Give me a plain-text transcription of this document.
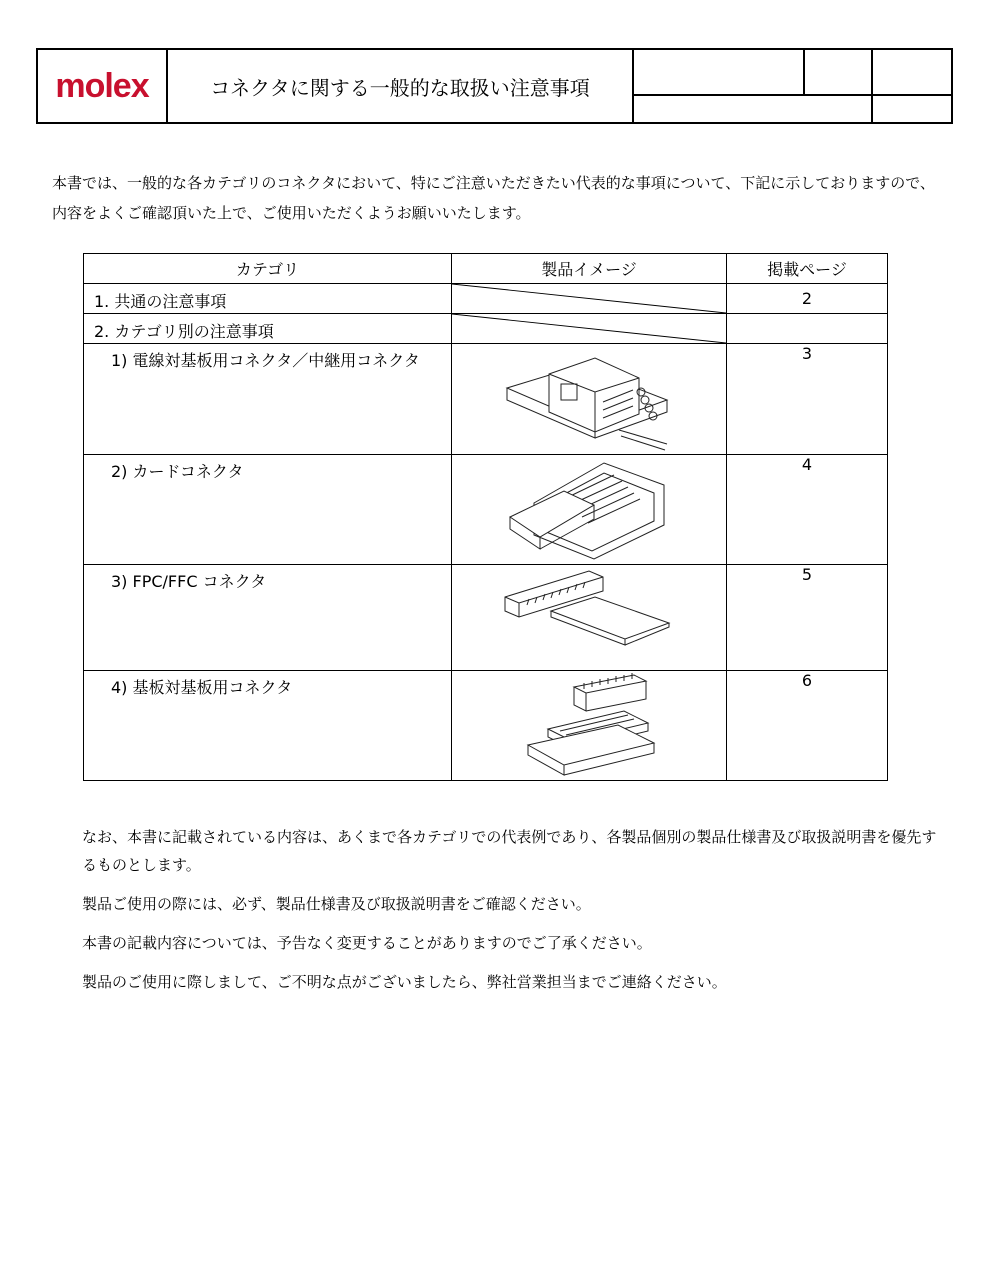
molex	コネクタに関する一般的な取扱い注意事項
本書では、一般的な各カテゴリのコネクタにおいて、特にご注意いただきたい代表的な事項について、下記に示しておりますので、内容をよくご確認頂いた上で、ご使用いただくようお願いいたします。
カテゴリ	製品イメージ	掲載ページ

1. 共通の注意事項		2

2. カテゴリ別の注意事項

1) 電線対基板用コネクタ／中継用コネクタ		3

2) カードコネクタ		4

3) FPC/FFC コネクタ		5

4) 基板対基板用コネクタ		6

なお、本書に記載されている内容は、あくまで各カテゴリでの代表例であり、各製品個別の製品仕様書及び取扱説明書を優先するものとします。

製品ご使用の際には、必ず、製品仕様書及び取扱説明書をご確認ください。

本書の記載内容については、予告なく変更することがありますのでご了承ください。

製品のご使用に際しまして、ご不明な点がございましたら、弊社営業担当までご連絡ください。
